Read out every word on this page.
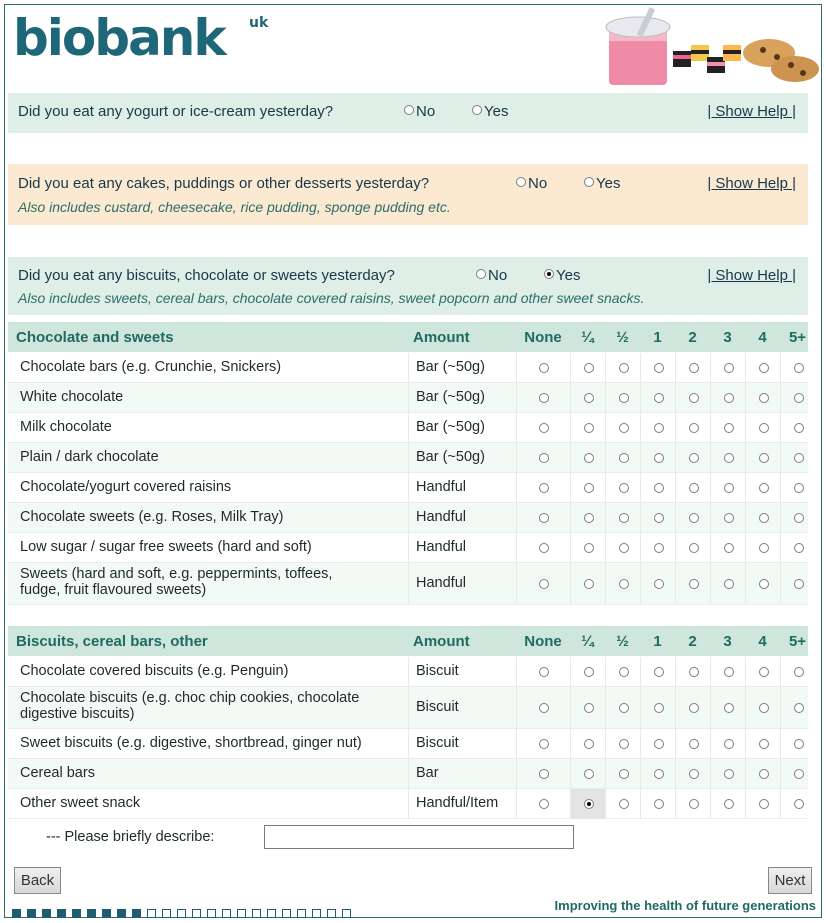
biobank uk
Did you eat any yogurt or ice-cream yesterday?	No	Yes	| Show Help |
Did you eat any cakes, puddings or other desserts yesterday?	No	Yes	| Show Help |
Also includes custard, cheesecake, rice pudding, sponge pudding etc.
Did you eat any biscuits, chocolate or sweets yesterday?	No	Yes	| Show Help |
Also includes sweets, cereal bars, chocolate covered raisins, sweet popcorn and other sweet snacks.
Chocolate and sweets	Amount	None	¼	½	1	2	3	4	5+
Chocolate bars (e.g. Crunchie, Snickers)	Bar (~50g)
White chocolate	Bar (~50g)
Milk chocolate	Bar (~50g)
Plain / dark chocolate	Bar (~50g)
Chocolate/yogurt covered raisins	Handful
Chocolate sweets (e.g. Roses, Milk Tray)	Handful
Low sugar / sugar free sweets (hard and soft)	Handful
Sweets (hard and soft, e.g. peppermints, toffees,
fudge, fruit flavoured sweets)	Handful
Biscuits, cereal bars, other	Amount	None	¼	½	1	2	3	4	5+
Chocolate covered biscuits (e.g. Penguin)	Biscuit
Chocolate biscuits (e.g. choc chip cookies, chocolate
digestive biscuits)	Biscuit
Sweet biscuits (e.g. digestive, shortbread, ginger nut)	Biscuit
Cereal bars	Bar
Other sweet snack	Handful/Item
--- Please briefly describe:
Back	Next
Improving the health of future generations
